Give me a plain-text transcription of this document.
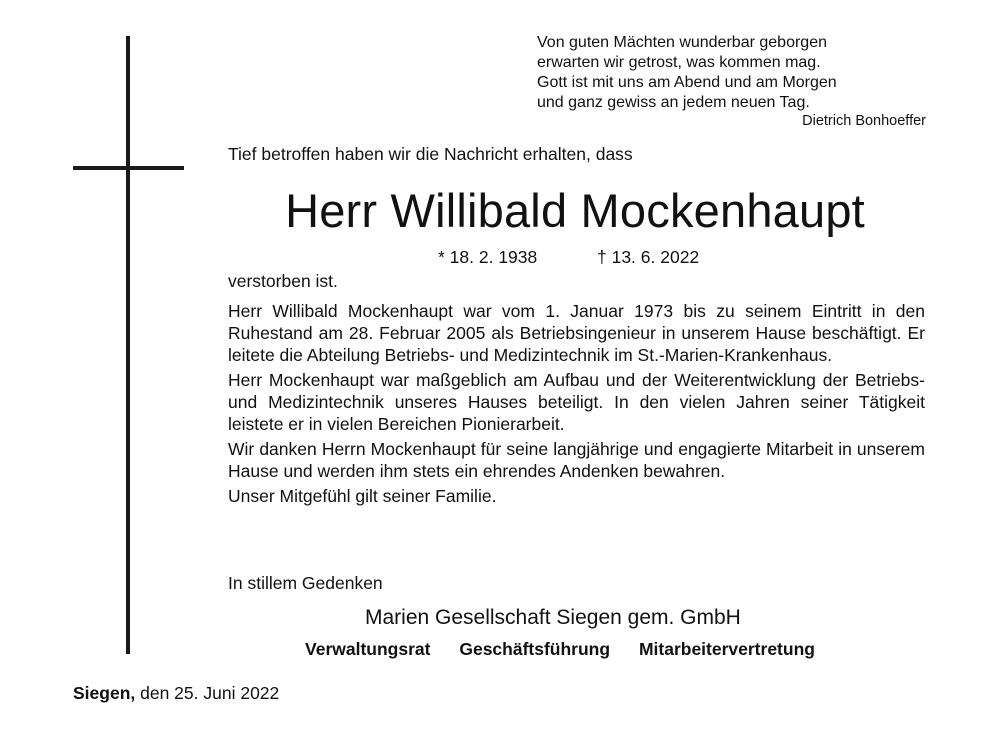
Von guten Mächten wunderbar geborgen
erwarten wir getrost, was kommen mag.
Gott ist mit uns am Abend und am Morgen
und ganz gewiss an jedem neuen Tag.
Dietrich Bonhoeffer
Tief betroffen haben wir die Nachricht erhalten, dass
Herr Willibald Mockenhaupt
* 18. 2. 1938	† 13. 6. 2022
verstorben ist.

Herr Willibald Mockenhaupt war vom 1. Januar 1973 bis zu seinem Eintritt in den Ruhestand am 28. Februar 2005 als Betriebsingenieur in unserem Hause beschäftigt. Er leitete die Abteilung Betriebs- und Medizintechnik im St.-Marien-Krankenhaus.

Herr Mockenhaupt war maßgeblich am Aufbau und der Weiterentwicklung der Betriebs- und Medizintechnik unseres Hauses beteiligt. In den vielen Jahren seiner Tätigkeit leistete er in vielen Bereichen Pionierarbeit.

Wir danken Herrn Mockenhaupt für seine langjährige und engagierte Mitarbeit in unserem Hause und werden ihm stets ein ehrendes Andenken bewahren.

Unser Mitgefühl gilt seiner Familie.

In stillem Gedenken
Marien Gesellschaft Siegen gem. GmbH
Verwaltungsrat Geschäftsführung Mitarbeitervertretung
Siegen, den 25. Juni 2022
